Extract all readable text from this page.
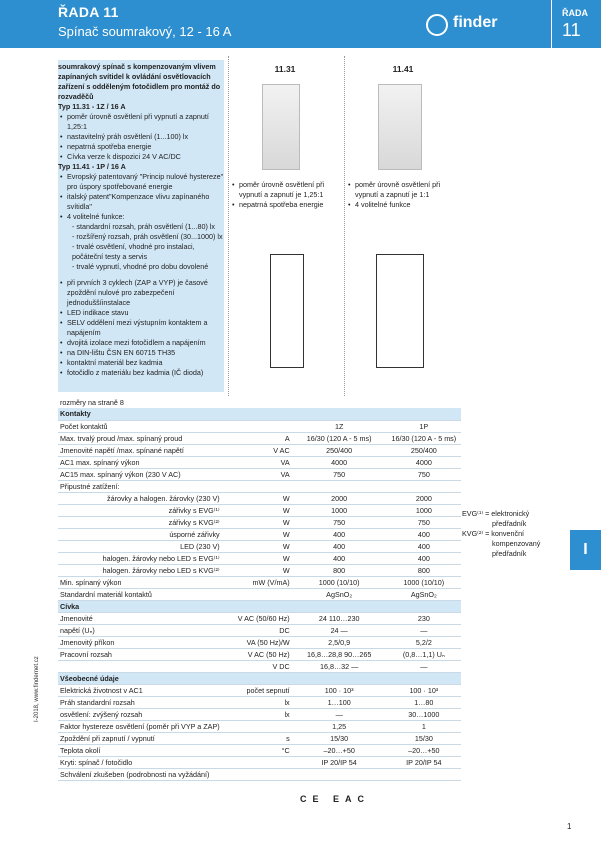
ŘADA 11
Spínač soumrakový, 12 - 16 A
finder
ŘADA
11
soumrakový spínač s kompenzovaným vlivem zapínaných svítidel k ovládání osvětlovacích zařízení s odděleným fotočidlem pro montáž do rozvaděčů
Typ 11.31 - 1Z / 16 A
• poměr úrovně osvětlení při vypnutí a zapnutí 1,25:1
• nastavitelný práh osvětlení (1...100) lx
• nepatrná spotřeba energie
• Cívka verze k dispozici 24 V AC/DC
Typ 11.41 - 1P / 16 A
• Evropský patentovaný "Princip nulové hystereze" pro úspory spotřebované energie
• italský patent"Kompenzace vlivu zapínaného svítidla"
• 4 volitelné funkce:
- standardní rozsah, práh osvětlení (1...80) lx
- rozšířený rozsah, práh osvětlení (30...1000) lx
- trvalé osvětlení, vhodné pro instalaci, počáteční testy a servis
- trvalé vypnutí, vhodné pro dobu dovolené
• při prvních 3 cyklech (ZAP a VYP) je časové zpoždění nulové pro zabezpečení jednoduššíinstalace
• LED indikace stavu
• SELV oddělení mezi výstupním kontaktem a napájením
• dvojitá izolace mezi fotočidlem a napájením
• na DIN-lištu ČSN EN 60715 TH35
• kontaktní materiál bez kadmia
• fotočidlo z materiálu bez kadmia (IČ dioda)
11.31	11.41
• poměr úrovně osvětlení při vypnutí a zapnutí je 1,25:1
• nepatrná spotřeba energie
• poměr úrovně osvětlení při vypnutí a zapnutí je 1:1
• 4 volitelné funkce
rozměry na straně 8			
Kontakty			
Počet kontaktů		1Z	1P
Max. trvalý proud /max. spínaný proud	A	16/30 (120 A - 5 ms)	16/30 (120 A - 5 ms)
Jmenovité napětí /max. spínané napětí	V AC	250/400	250/400
AC1 max. spínaný výkon	VA	4000	4000
AC15 max. spínaný výkon (230 V AC)	VA	750	750
Připustné zatížení:			
žárovky a halogen. žárovky (230 V)	W	2000	2000
zářivky s EVG⁽¹⁾	W	1000	1000
zářivky s KVG⁽²⁾	W	750	750
úsporné zářivky	W	400	400
LED (230 V)	W	400	400
halogen. žárovky nebo LED s EVG⁽¹⁾	W	400	400
halogen. žárovky nebo LED s KVG⁽²⁾	W	800	800
Min. spínaný výkon	mW (V/mA)	1000 (10/10)	1000 (10/10)
Standardní materiál kontaktů		AgSnO₂	AgSnO₂
Cívka			
Jmenovité	V AC (50/60 Hz)	24 110…230	230
napětí (Uₙ)	DC	24 —	—
Jmenovitý příkon	VA (50 Hz)/W	2,5/0,9	5,2/2
Pracovní rozsah	V AC (50 Hz)	16,8…28,8 90…265	(0,8…1,1) Uₙ
	V DC	16,8…32 —	—
Všeobecné údaje			
Elektrická životnost v AC1	počet sepnutí	100 · 10³	100 · 10³
Práh standardní rozsah	lx	1…100	1…80
osvětlení: zvýšený rozsah	lx	—	30…1000
Faktor hystereze osvětlení (poměr při VYP a ZAP)		1,25	1
Zpoždění při zapnutí / vypnutí	s	15/30	15/30
Teplota okolí	°C	–20…+50	–20…+50
Kryti: spínač / fotočidlo		IP 20/IP 54	IP 20/IP 54
Schválení zkušeben (podrobnosti na vyžádání)			
EVG⁽¹⁾ = elektronický
předřadník
KVG⁽²⁾ = konvenční
kompenzovaný
předřadník	I
CE EAC
I-2018, www.findernet.cz
1
